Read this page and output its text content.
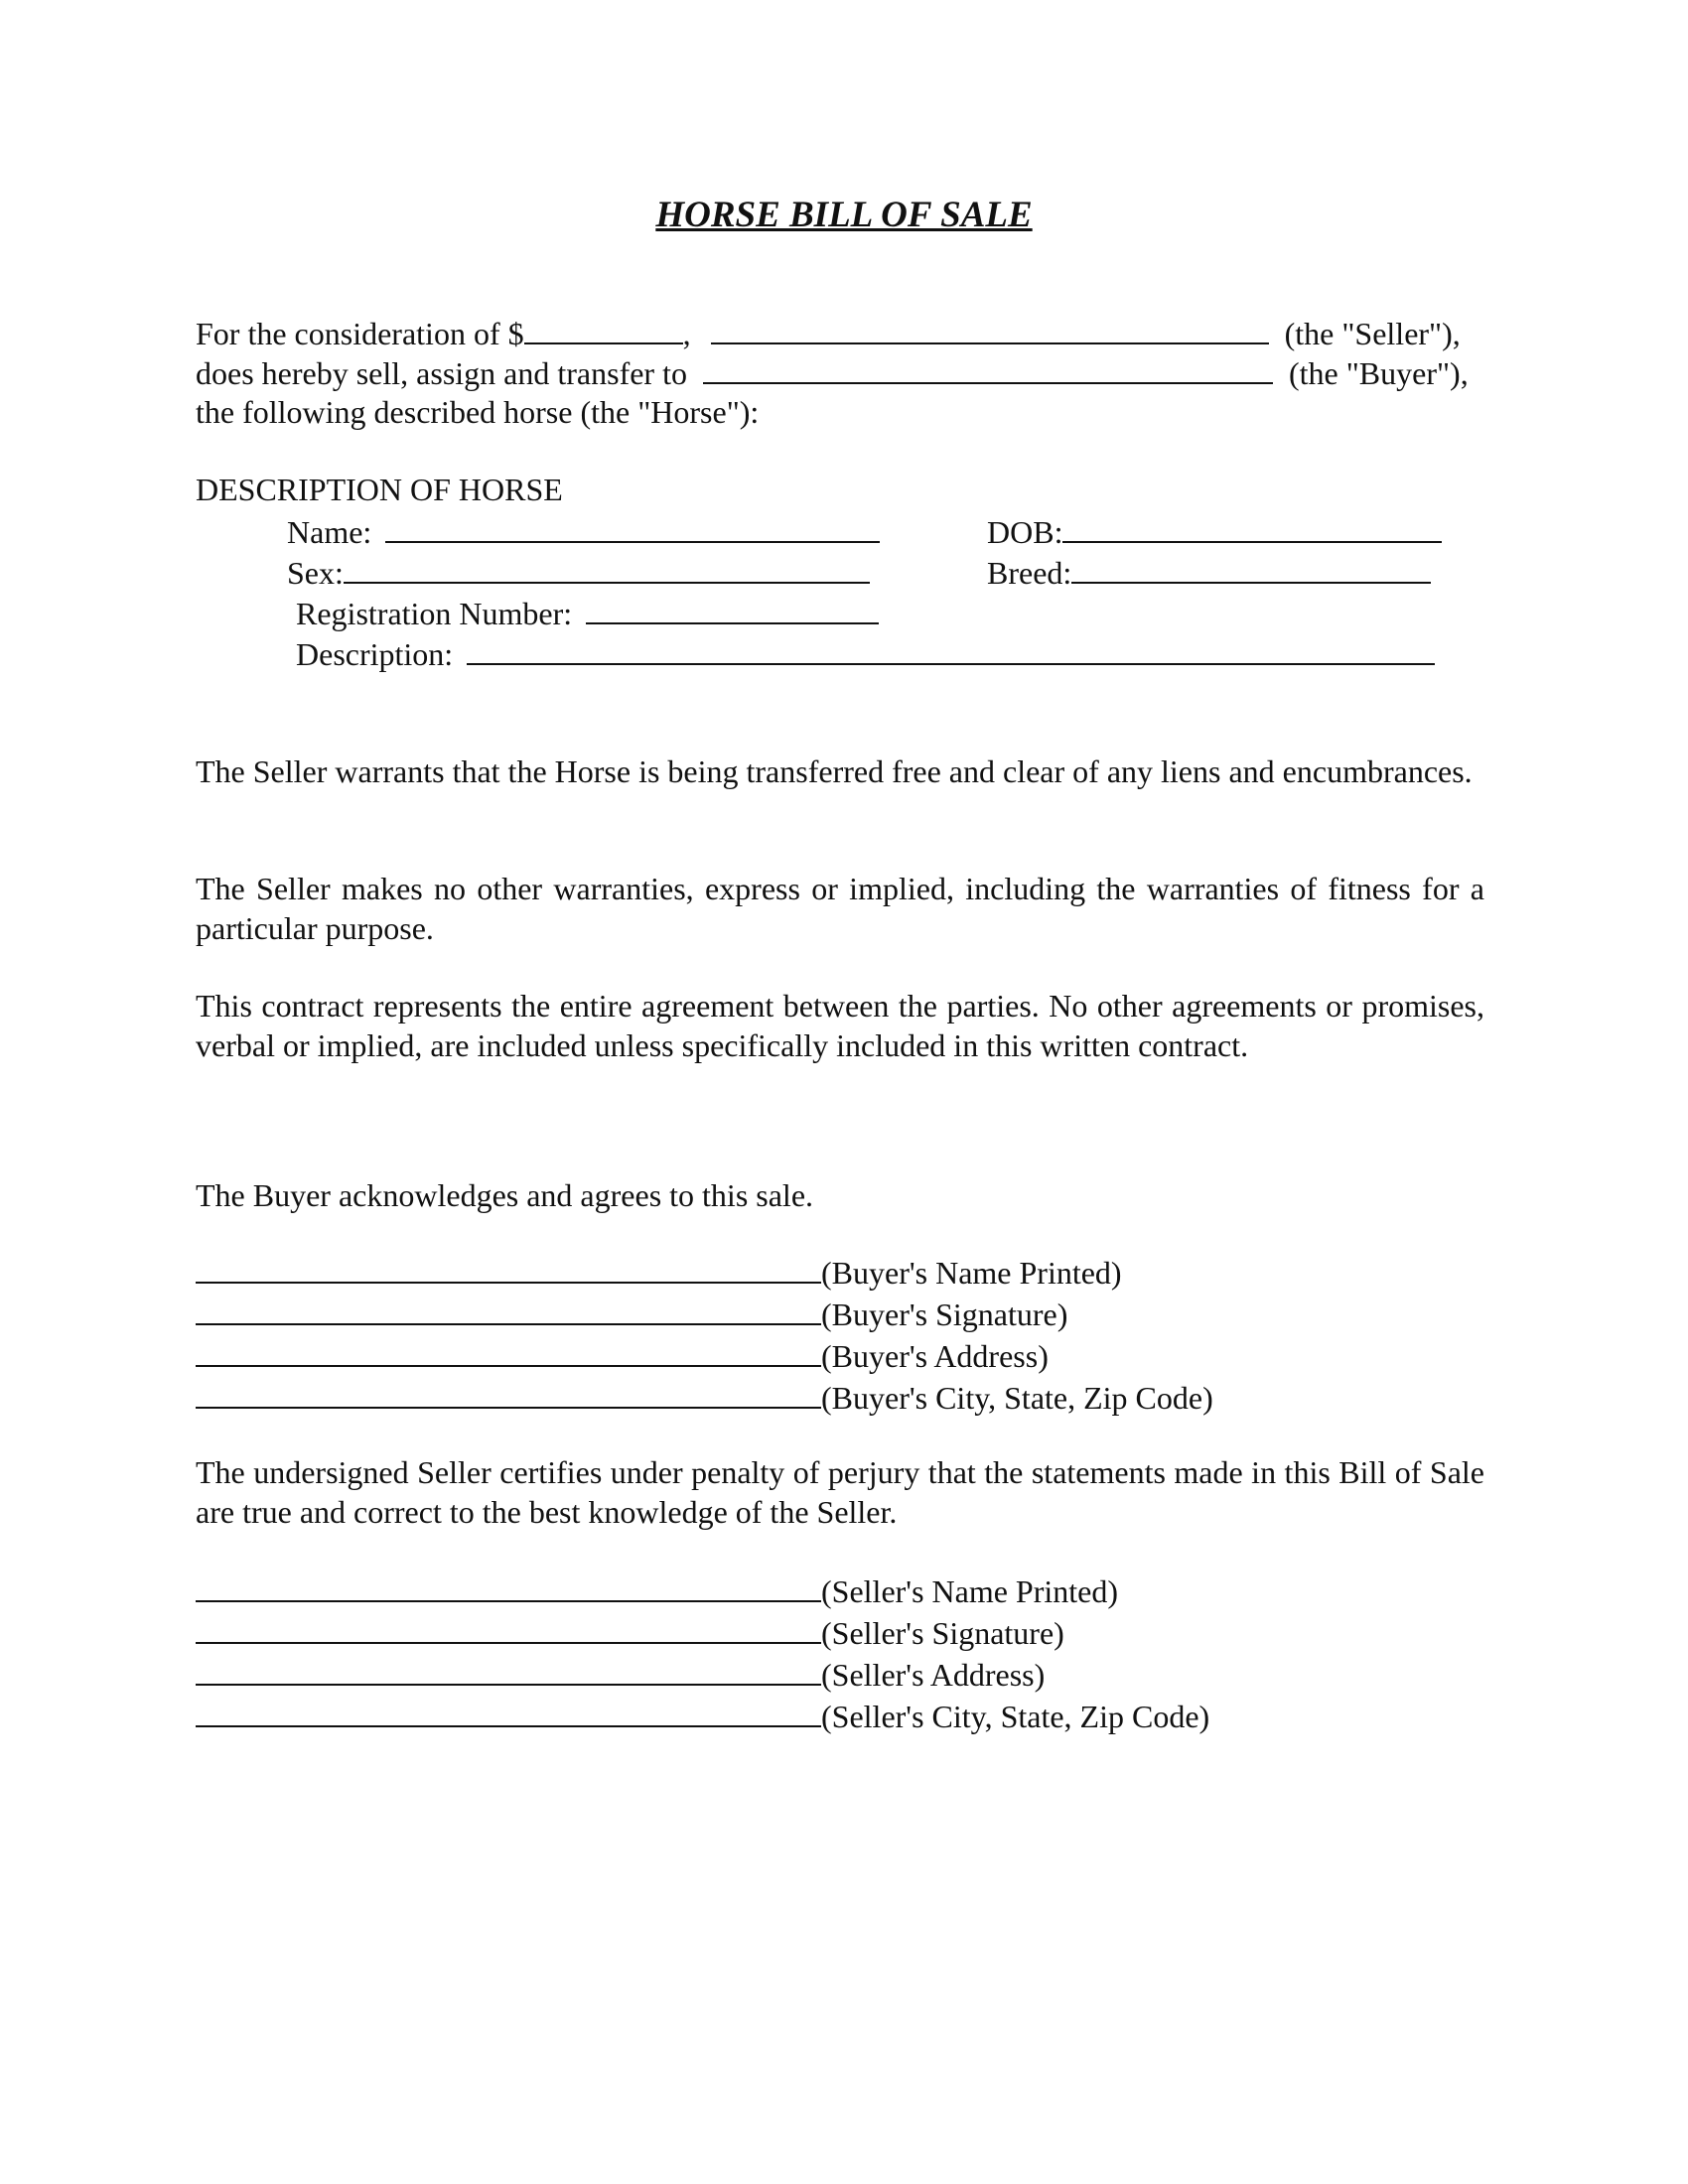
HORSE BILL OF SALE
For the consideration of $	,	(the "Seller"),
does hereby sell, assign and transfer to	(the "Buyer"),
the following described horse (the "Horse"):
DESCRIPTION OF HORSE
Name:	DOB:
Sex:	Breed:
Registration Number:
Description:
The Seller warrants that the Horse is being transferred free and clear of any liens and encumbrances.
The Seller makes no other warranties, express or implied, including the warranties of fitness for a particular purpose.
This contract represents the entire agreement between the parties. No other agreements or promises, verbal or implied, are included unless specifically included in this written contract.
The Buyer acknowledges and agrees to this sale.
(Buyer's Name Printed)
(Buyer's Signature)
(Buyer's Address)
(Buyer's City, State, Zip Code)
The undersigned Seller certifies under penalty of perjury that the statements made in this Bill of Sale are true and correct to the best knowledge of the Seller.
(Seller's Name Printed)
(Seller's Signature)
(Seller's Address)
(Seller's City, State, Zip Code)
